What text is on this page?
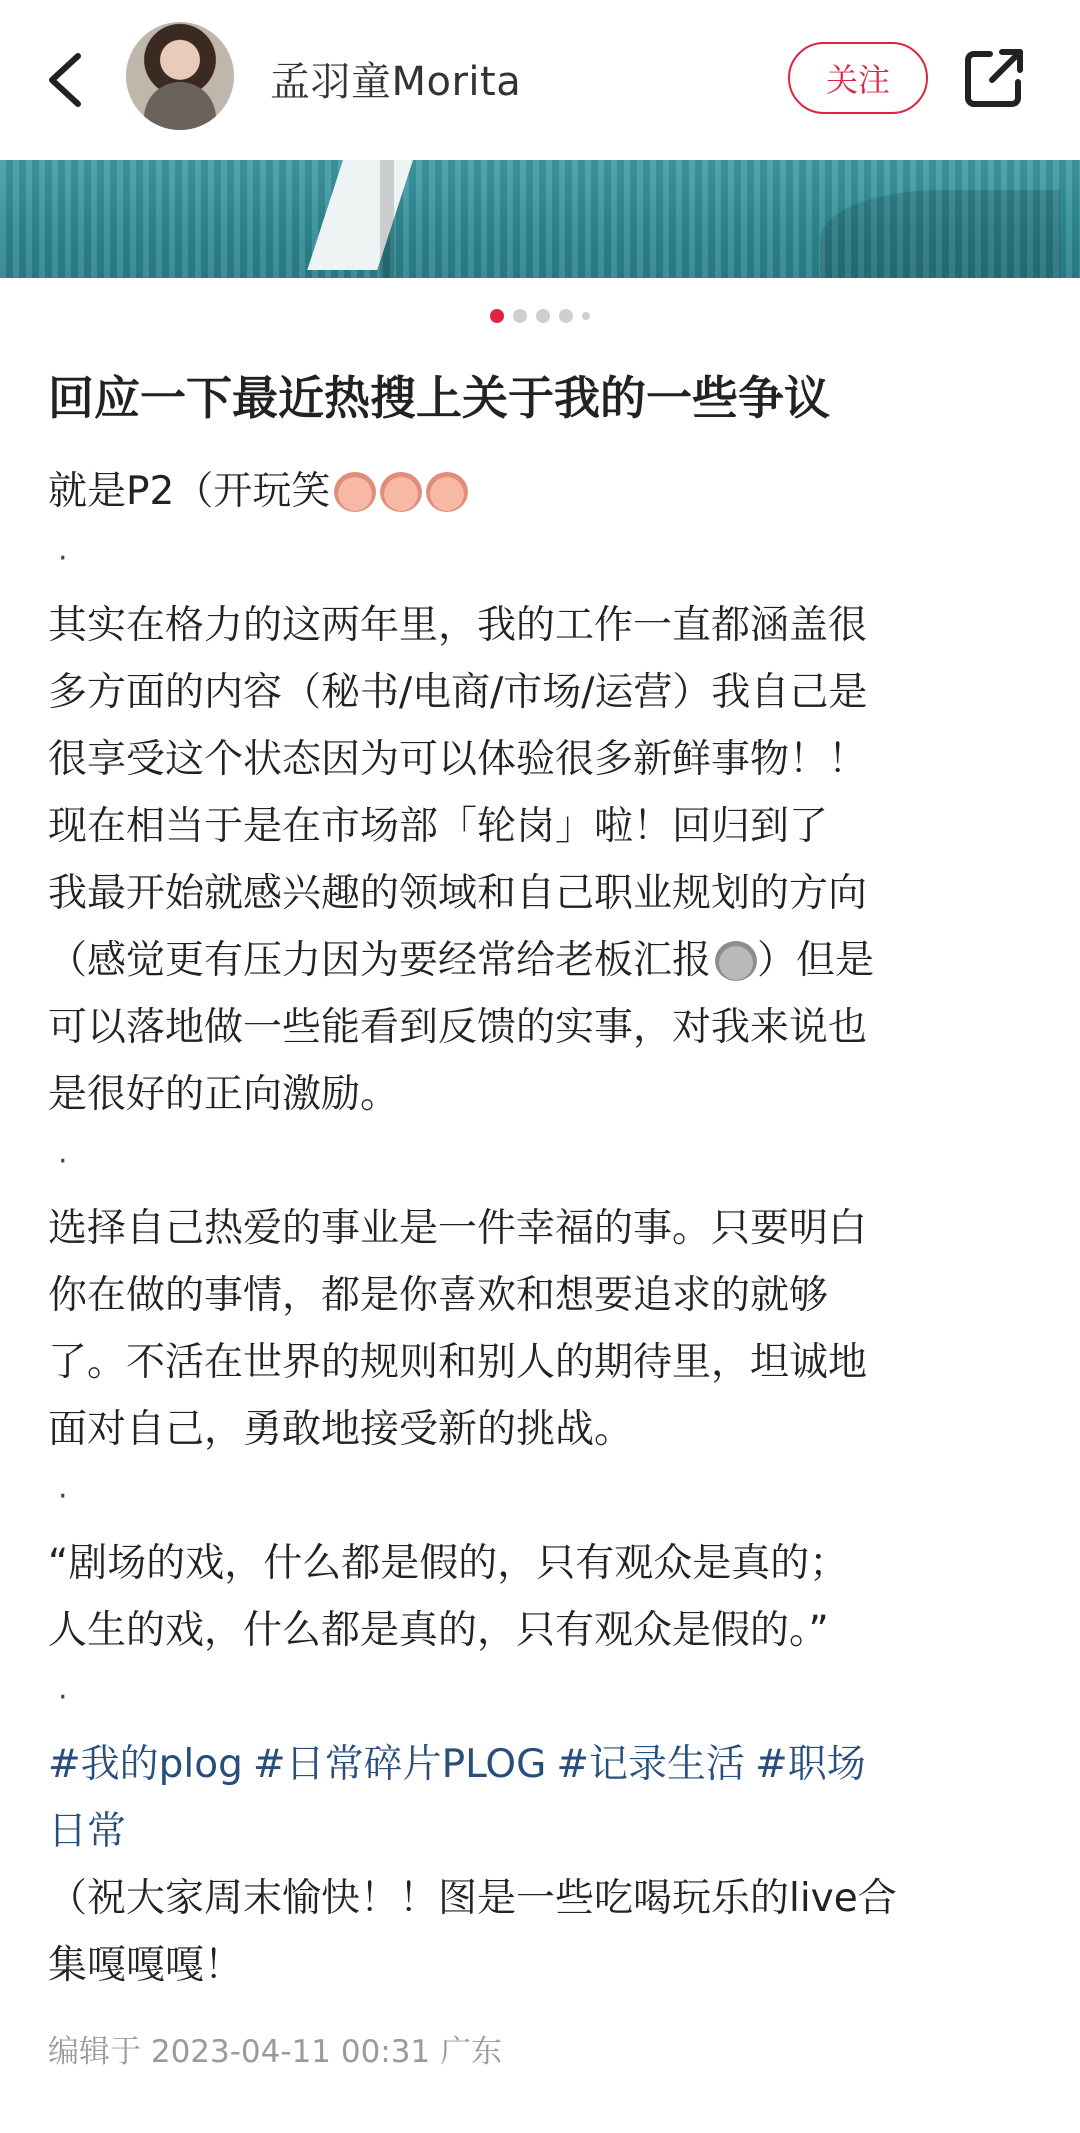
孟羽童Morita	关注
回应一下最近热搜上关于我的一些争议
就是P2（开玩笑
·
其实在格力的这两年里，我的工作一直都涵盖很
多方面的内容（秘书/电商/市场/运营）我自己是
很享受这个状态因为可以体验很多新鲜事物！！
现在相当于是在市场部「轮岗」啦！回归到了
我最开始就感兴趣的领域和自己职业规划的方向
（感觉更有压力因为要经常给老板汇报 ）但是
可以落地做一些能看到反馈的实事，对我来说也
是很好的正向激励。
·
选择自己热爱的事业是一件幸福的事。只要明白
你在做的事情，都是你喜欢和想要追求的就够
了。不活在世界的规则和别人的期待里，坦诚地
面对自己，勇敢地接受新的挑战。
·
“剧场的戏，什么都是假的，只有观众是真的；
人生的戏，什么都是真的，只有观众是假的。”
·
#我的plog #日常碎片PLOG #记录生活 #职场
日常
（祝大家周末愉快！！图是一些吃喝玩乐的live合
集嘎嘎嘎！
编辑于 2023-04-11 00:31 广东
